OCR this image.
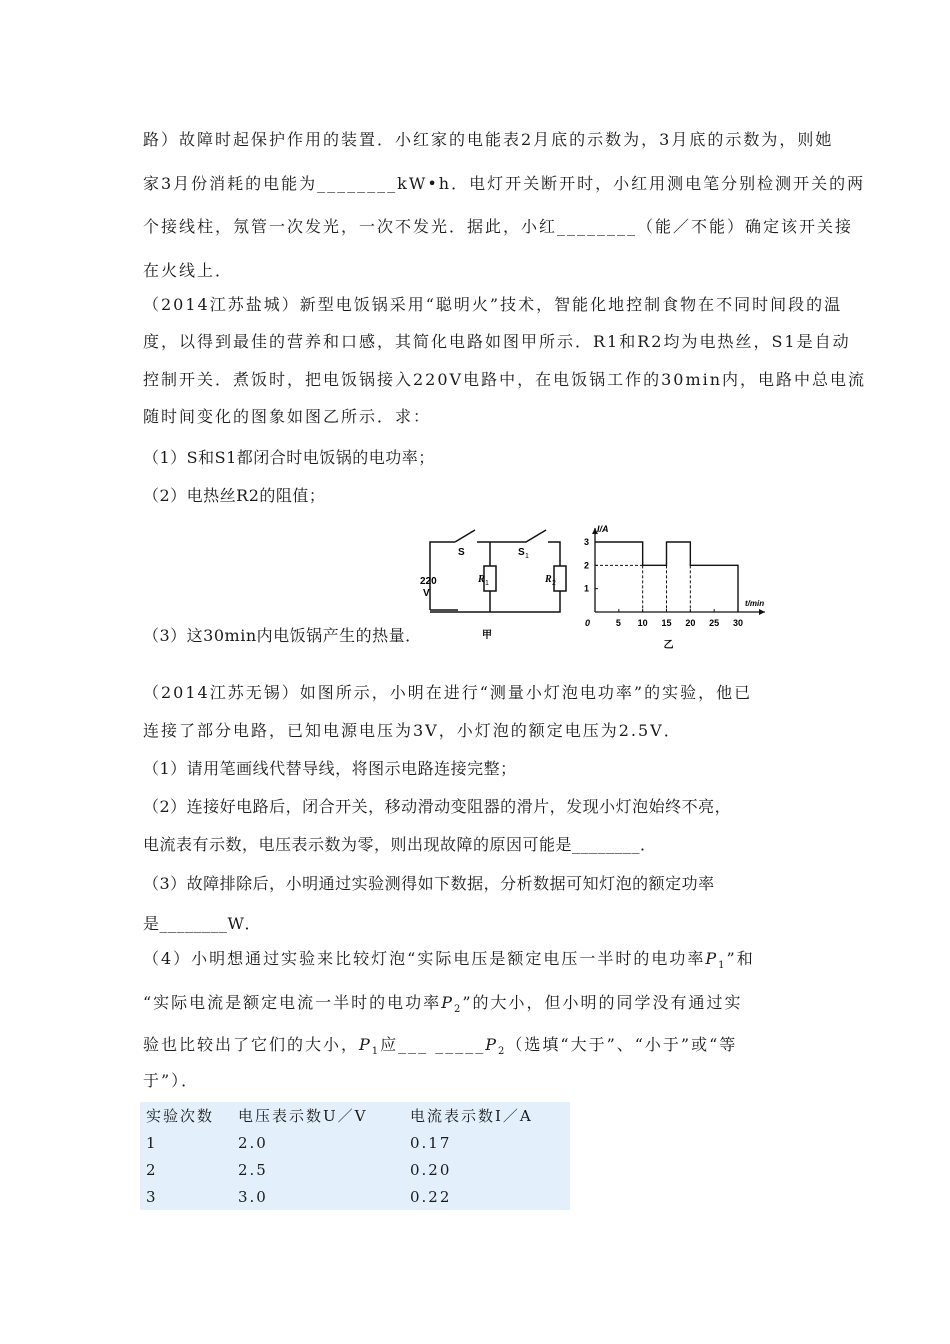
路）故障时起保护作用的装置．小红家的电能表2月底的示数为，3月底的示数为，则她
家3月份消耗的电能为________kW•h．电灯开关断开时，小红用测电笔分别检测开关的两
个接线柱，氖管一次发光，一次不发光．据此，小红________（能／不能）确定该开关接
在火线上．
（2014江苏盐城）新型电饭锅采用“聪明火”技术，智能化地控制食物在不同时间段的温
度，以得到最佳的营养和口感，其简化电路如图甲所示．R1和R2均为电热丝，S1是自动
控制开关．煮饭时，把电饭锅接入220V电路中，在电饭锅工作的30min内，电路中总电流
随时间变化的图象如图乙所示．求：
（1）S和S1都闭合时电饭锅的电功率；
（2）电热丝R2的阻值；
（3）这30min内电饭锅产生的热量．
（2014江苏无锡）如图所示，小明在进行“测量小灯泡电功率”的实验，他已
连接了部分电路，已知电源电压为3V，小灯泡的额定电压为2.5V．
（1）请用笔画线代替导线，将图示电路连接完整；
（2）连接好电路后，闭合开关，移动滑动变阻器的滑片，发现小灯泡始终不亮，
电流表有示数，电压表示数为零，则出现故障的原因可能是________．
（3）故障排除后，小明通过实验测得如下数据，分析数据可知灯泡的额定功率
是________W．
（4）小明想通过实验来比较灯泡“实际电压是额定电压一半时的电功率$P_1$”和
“实际电流是额定电流一半时的电功率$P_2$”的大小，但小明的同学没有通过实
验也比较出了它们的大小，$P_1$应___ $\_\_\_\_\_P_2$（选填“大于”、“小于”或“等
于”）．
S	S 1
220
V
R 1	R 2
甲
0	5 10 15 20 25 30
1
2
3
I/A
t/min
乙
实验次数	电压表示数U／V	电流表示数I／A
1	2.0	0.17
2	2.5	0.20
3	3.0	0.22
